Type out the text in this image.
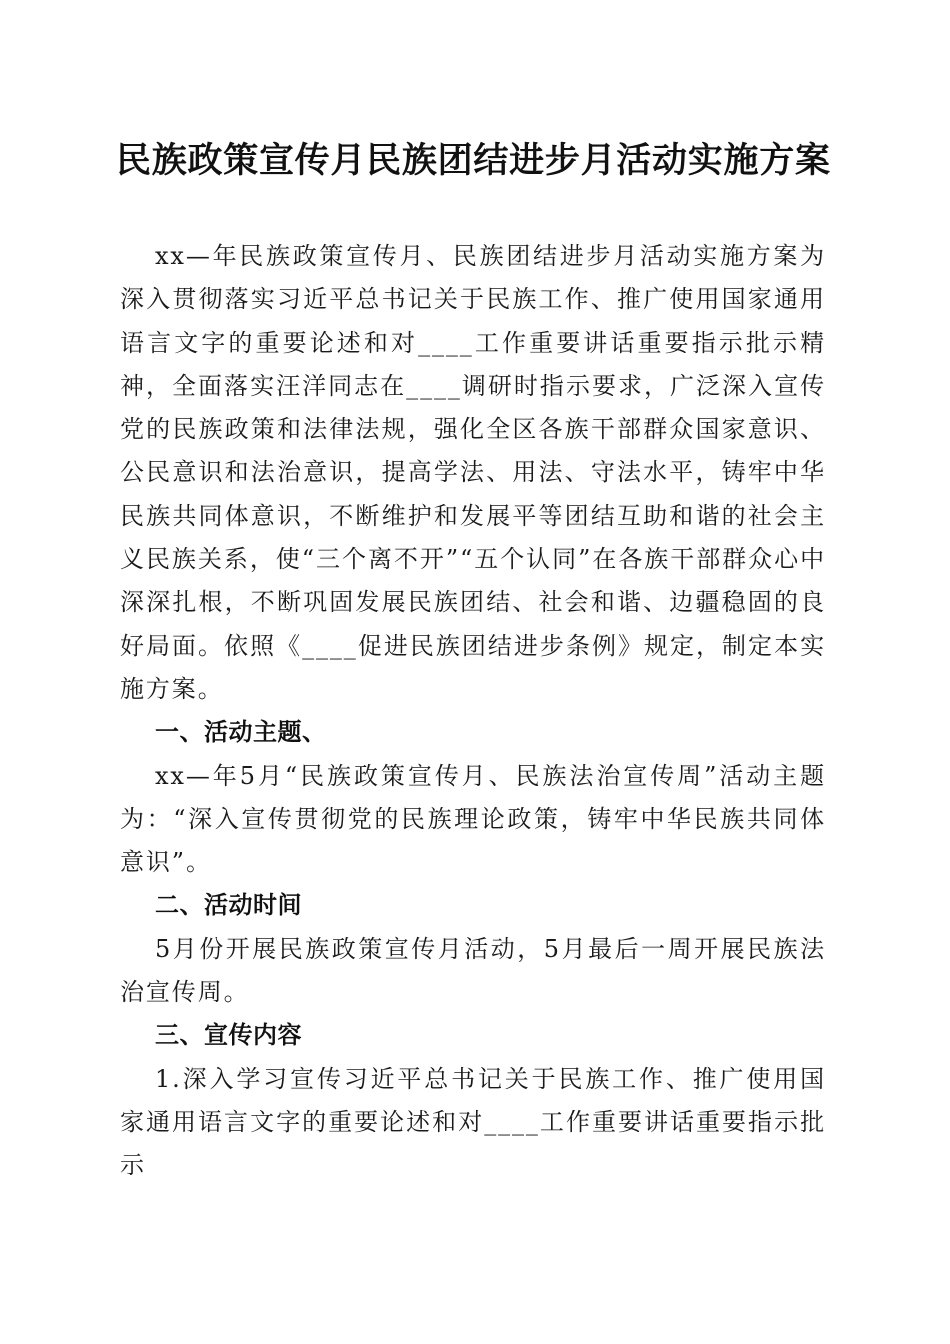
民族政策宣传月民族团结进步月活动实施方案

xx—年民族政策宣传月、民族团结进步月活动实施方案为深入贯彻落实习近平总书记关于民族工作、推广使用国家通用语言文字的重要论述和对____工作重要讲话重要指示批示精神，全面落实汪洋同志在____调研时指示要求，广泛深入宣传党的民族政策和法律法规，强化全区各族干部群众国家意识、公民意识和法治意识，提高学法、用法、守法水平，铸牢中华民族共同体意识，不断维护和发展平等团结互助和谐的社会主义民族关系，使“三个离不开”“五个认同”在各族干部群众心中深深扎根，不断巩固发展民族团结、社会和谐、边疆稳固的良好局面。依照《____促进民族团结进步条例》规定，制定本实施方案。

一、活动主题、

xx—年5月“民族政策宣传月、民族法治宣传周”活动主题为：“深入宣传贯彻党的民族理论政策，铸牢中华民族共同体意识”。

二、活动时间

5月份开展民族政策宣传月活动，5月最后一周开展民族法治宣传周。

三、宣传内容

1.深入学习宣传习近平总书记关于民族工作、推广使用国家通用语言文字的重要论述和对____工作重要讲话重要指示批示
